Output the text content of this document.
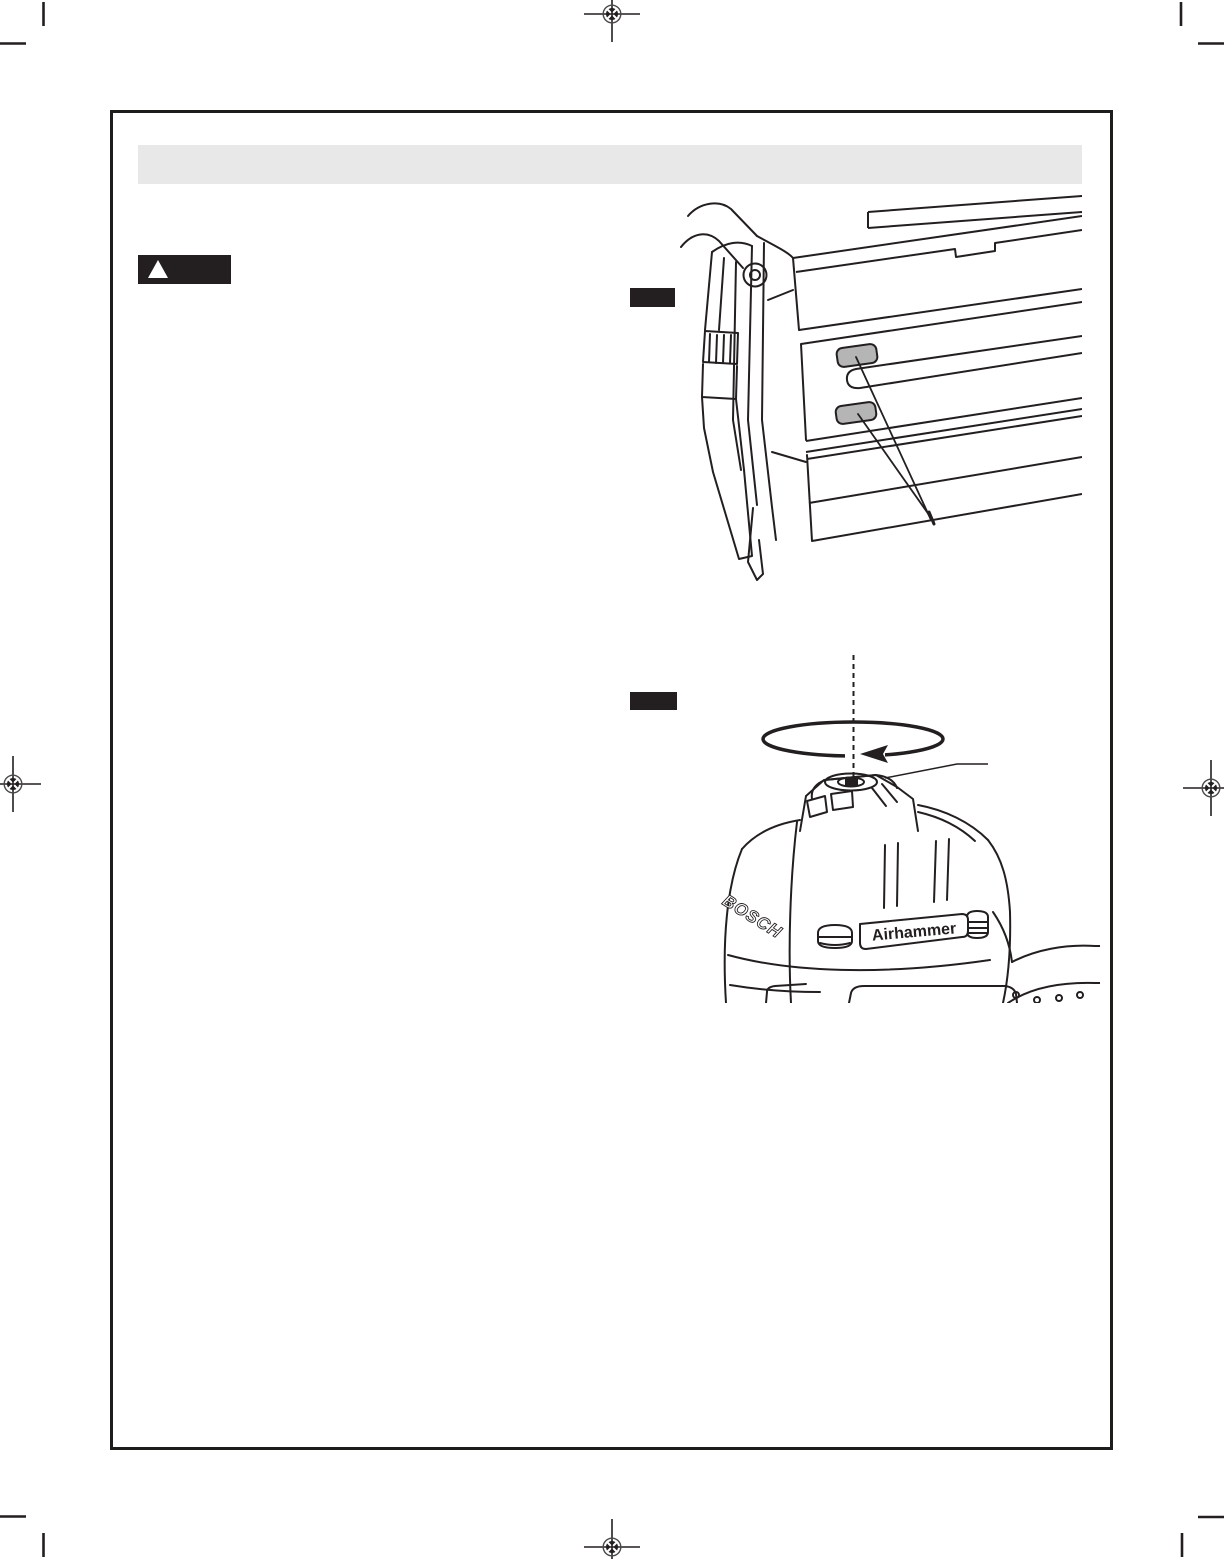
BOSCH	Airhammer
